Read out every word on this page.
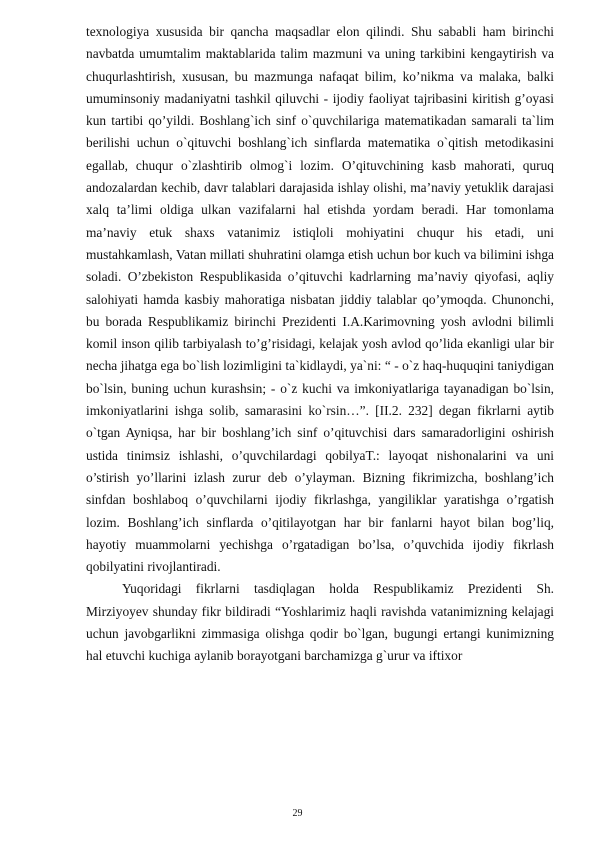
texnologiya xususida bir qancha maqsadlar elon qilindi. Shu sababli ham birinchi navbatda umumtalim maktablarida talim mazmuni va uning tarkibini kengaytirish va chuqurlashtirish, xususan, bu mazmunga nafaqat bilim, ko’nikma va malaka, balki umuminsoniy madaniyatni tashkil qiluvchi - ijodiy faoliyat tajribasini kiritish g’oyasi kun tartibi qo’yildi. Boshlang`ich sinf o`quvchilariga matematikadan samarali ta`lim berilishi uchun o`qituvchi boshlang`ich sinflarda matematika o`qitish metodikasini egallab, chuqur o`zlashtirib olmog`i lozim. O’qituvchining kasb mahorati, quruq andozalardan kechib, davr talablari darajasida ishlay olishi, ma’naviy yetuklik darajasi xalq ta’limi oldiga ulkan vazifalarni hal etishda yordam beradi. Har tomonlama ma’naviy etuk shaxs vatanimiz istiqloli mohiyatini chuqur his etadi, uni mustahkamlash, Vatan millati shuhratini olamga etish uchun bor kuch va bilimini ishga soladi. O’zbekiston Respublikasida o’qituvchi kadrlarning ma’naviy qiyofasi, aqliy salohiyati hamda kasbiy mahoratiga nisbatan jiddiy talablar qo’ymoqda. Chunonchi, bu borada Respublikamiz birinchi Prezidenti I.A.Karimovning yosh avlodni bilimli komil inson qilib tarbiyalash to’g’risidagi, kelajak yosh avlod qo’lida ekanligi ular bir necha jihatga ega bo`lish lozimligini ta`kidlaydi, ya`ni: “ - o`z haq-huquqini taniydigan bo`lsin, buning uchun kurashsin; - o`z kuchi va imkoniyatlariga tayanadigan bo`lsin, imkoniyatlarini ishga solib, samarasini ko`rsin…”. [II.2. 232] degan fikrlarni aytib o`tgan Ayniqsa, har bir boshlang’ich sinf o’qituvchisi dars samaradorligini oshirish ustida tinimsiz ishlashi, o’quvchilardagi qobilyaT.: layoqat nishonalarini va uni o’stirish yo’llarini izlash zurur deb o’ylayman. Bizning fikrimizcha, boshlang’ich sinfdan boshlaboq o’quvchilarni ijodiy fikrlashga, yangiliklar yaratishga o’rgatish lozim. Boshlang’ich sinflarda o’qitilayotgan har bir fanlarni hayot bilan bog’liq, hayotiy muammolarni yechishga o’rgatadigan bo’lsa, o’quvchida ijodiy fikrlash qobilyatini rivojlantiradi.

Yuqoridagi fikrlarni tasdiqlagan holda Respublikamiz Prezidenti Sh. Mirziyoyev shunday fikr bildiradi “Yoshlarimiz haqli ravishda vatanimizning kelajagi uchun javobgarlikni zimmasiga olishga qodir bo`lgan, bugungi ertangi kunimizning hal etuvchi kuchiga aylanib borayotgani barchamizga g`urur va iftixor

29
